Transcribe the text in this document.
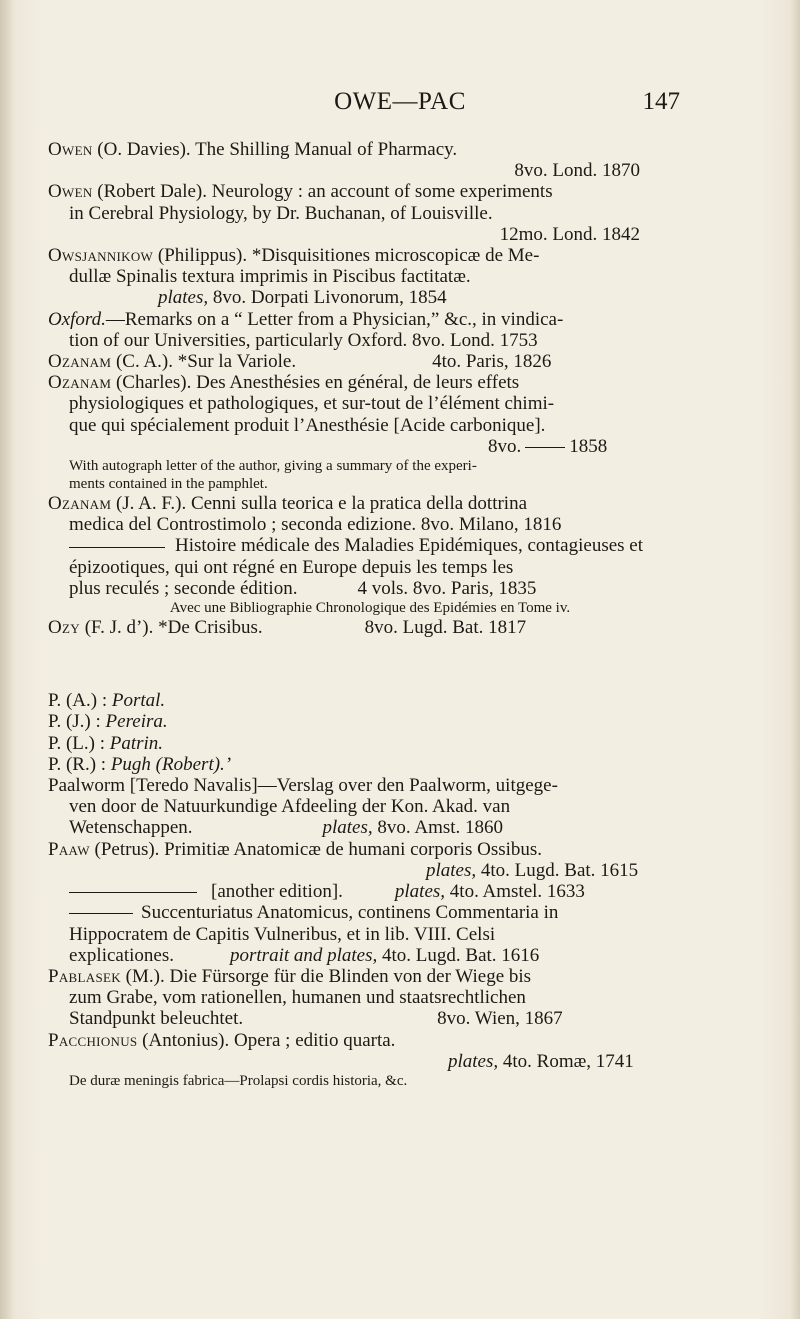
OWE—PAC	147
Owen (O. Davies). The Shilling Manual of Pharmacy.
8vo. Lond. 1870
Owen (Robert Dale). Neurology : an account of some experiments
in Cerebral Physiology, by Dr. Buchanan, of Louisville.
12mo. Lond. 1842
Owsjannikow (Philippus). *Disquisitiones microscopicæ de Me-
dullæ Spinalis textura imprimis in Piscibus factitatæ.
plates, 8vo. Dorpati Livonorum, 1854
Oxford.—Remarks on a “ Letter from a Physician,” &c., in vindica-
tion of our Universities, particularly Oxford. 8vo. Lond. 1753
Ozanam (C. A.). *Sur la Variole.	4to. Paris, 1826
Ozanam (Charles). Des Anesthésies en général, de leurs effets
physiologiques et pathologiques, et sur-tout de l’élément chimi-
que qui spécialement produit l’Anesthésie [Acide carbonique].
8vo.	1858
With autograph letter of the author, giving a summary of the experi-
ments contained in the pamphlet.
Ozanam (J. A. F.). Cenni sulla teorica e la pratica della dottrina
medica del Controstimolo ; seconda edizione. 8vo. Milano, 1816
Histoire médicale des Maladies Epidémiques, contagieuses et
épizootiques, qui ont régné en Europe depuis les temps les
plus reculés ; seconde édition.	4 vols. 8vo. Paris, 1835
Avec une Bibliographie Chronologique des Epidémies en Tome iv.
Ozy (F. J. d’). *De Crisibus.	8vo. Lugd. Bat. 1817
P. (A.) : Portal.
P. (J.) : Pereira.
P. (L.) : Patrin.
P. (R.) : Pugh (Robert).’
Paalworm [Teredo Navalis]—Verslag over den Paalworm, uitgege-
ven door de Natuurkundige Afdeeling der Kon. Akad. van
Wetenschappen.	plates, 8vo. Amst. 1860
Paaw (Petrus). Primitiæ Anatomicæ de humani corporis Ossibus.
plates, 4to. Lugd. Bat. 1615
[another edition].	plates, 4to. Amstel. 1633
Succenturiatus Anatomicus, continens Commentaria in
Hippocratem de Capitis Vulneribus, et in lib. VIII. Celsi
explicationes.	portrait and plates, 4to. Lugd. Bat. 1616
Pablasek (M.). Die Fürsorge für die Blinden von der Wiege bis
zum Grabe, vom rationellen, humanen und staatsrechtlichen
Standpunkt beleuchtet.	8vo. Wien, 1867
Pacchionus (Antonius). Opera ; editio quarta.
plates, 4to. Romæ, 1741
De duræ meningis fabrica—Prolapsi cordis historia, &c.
